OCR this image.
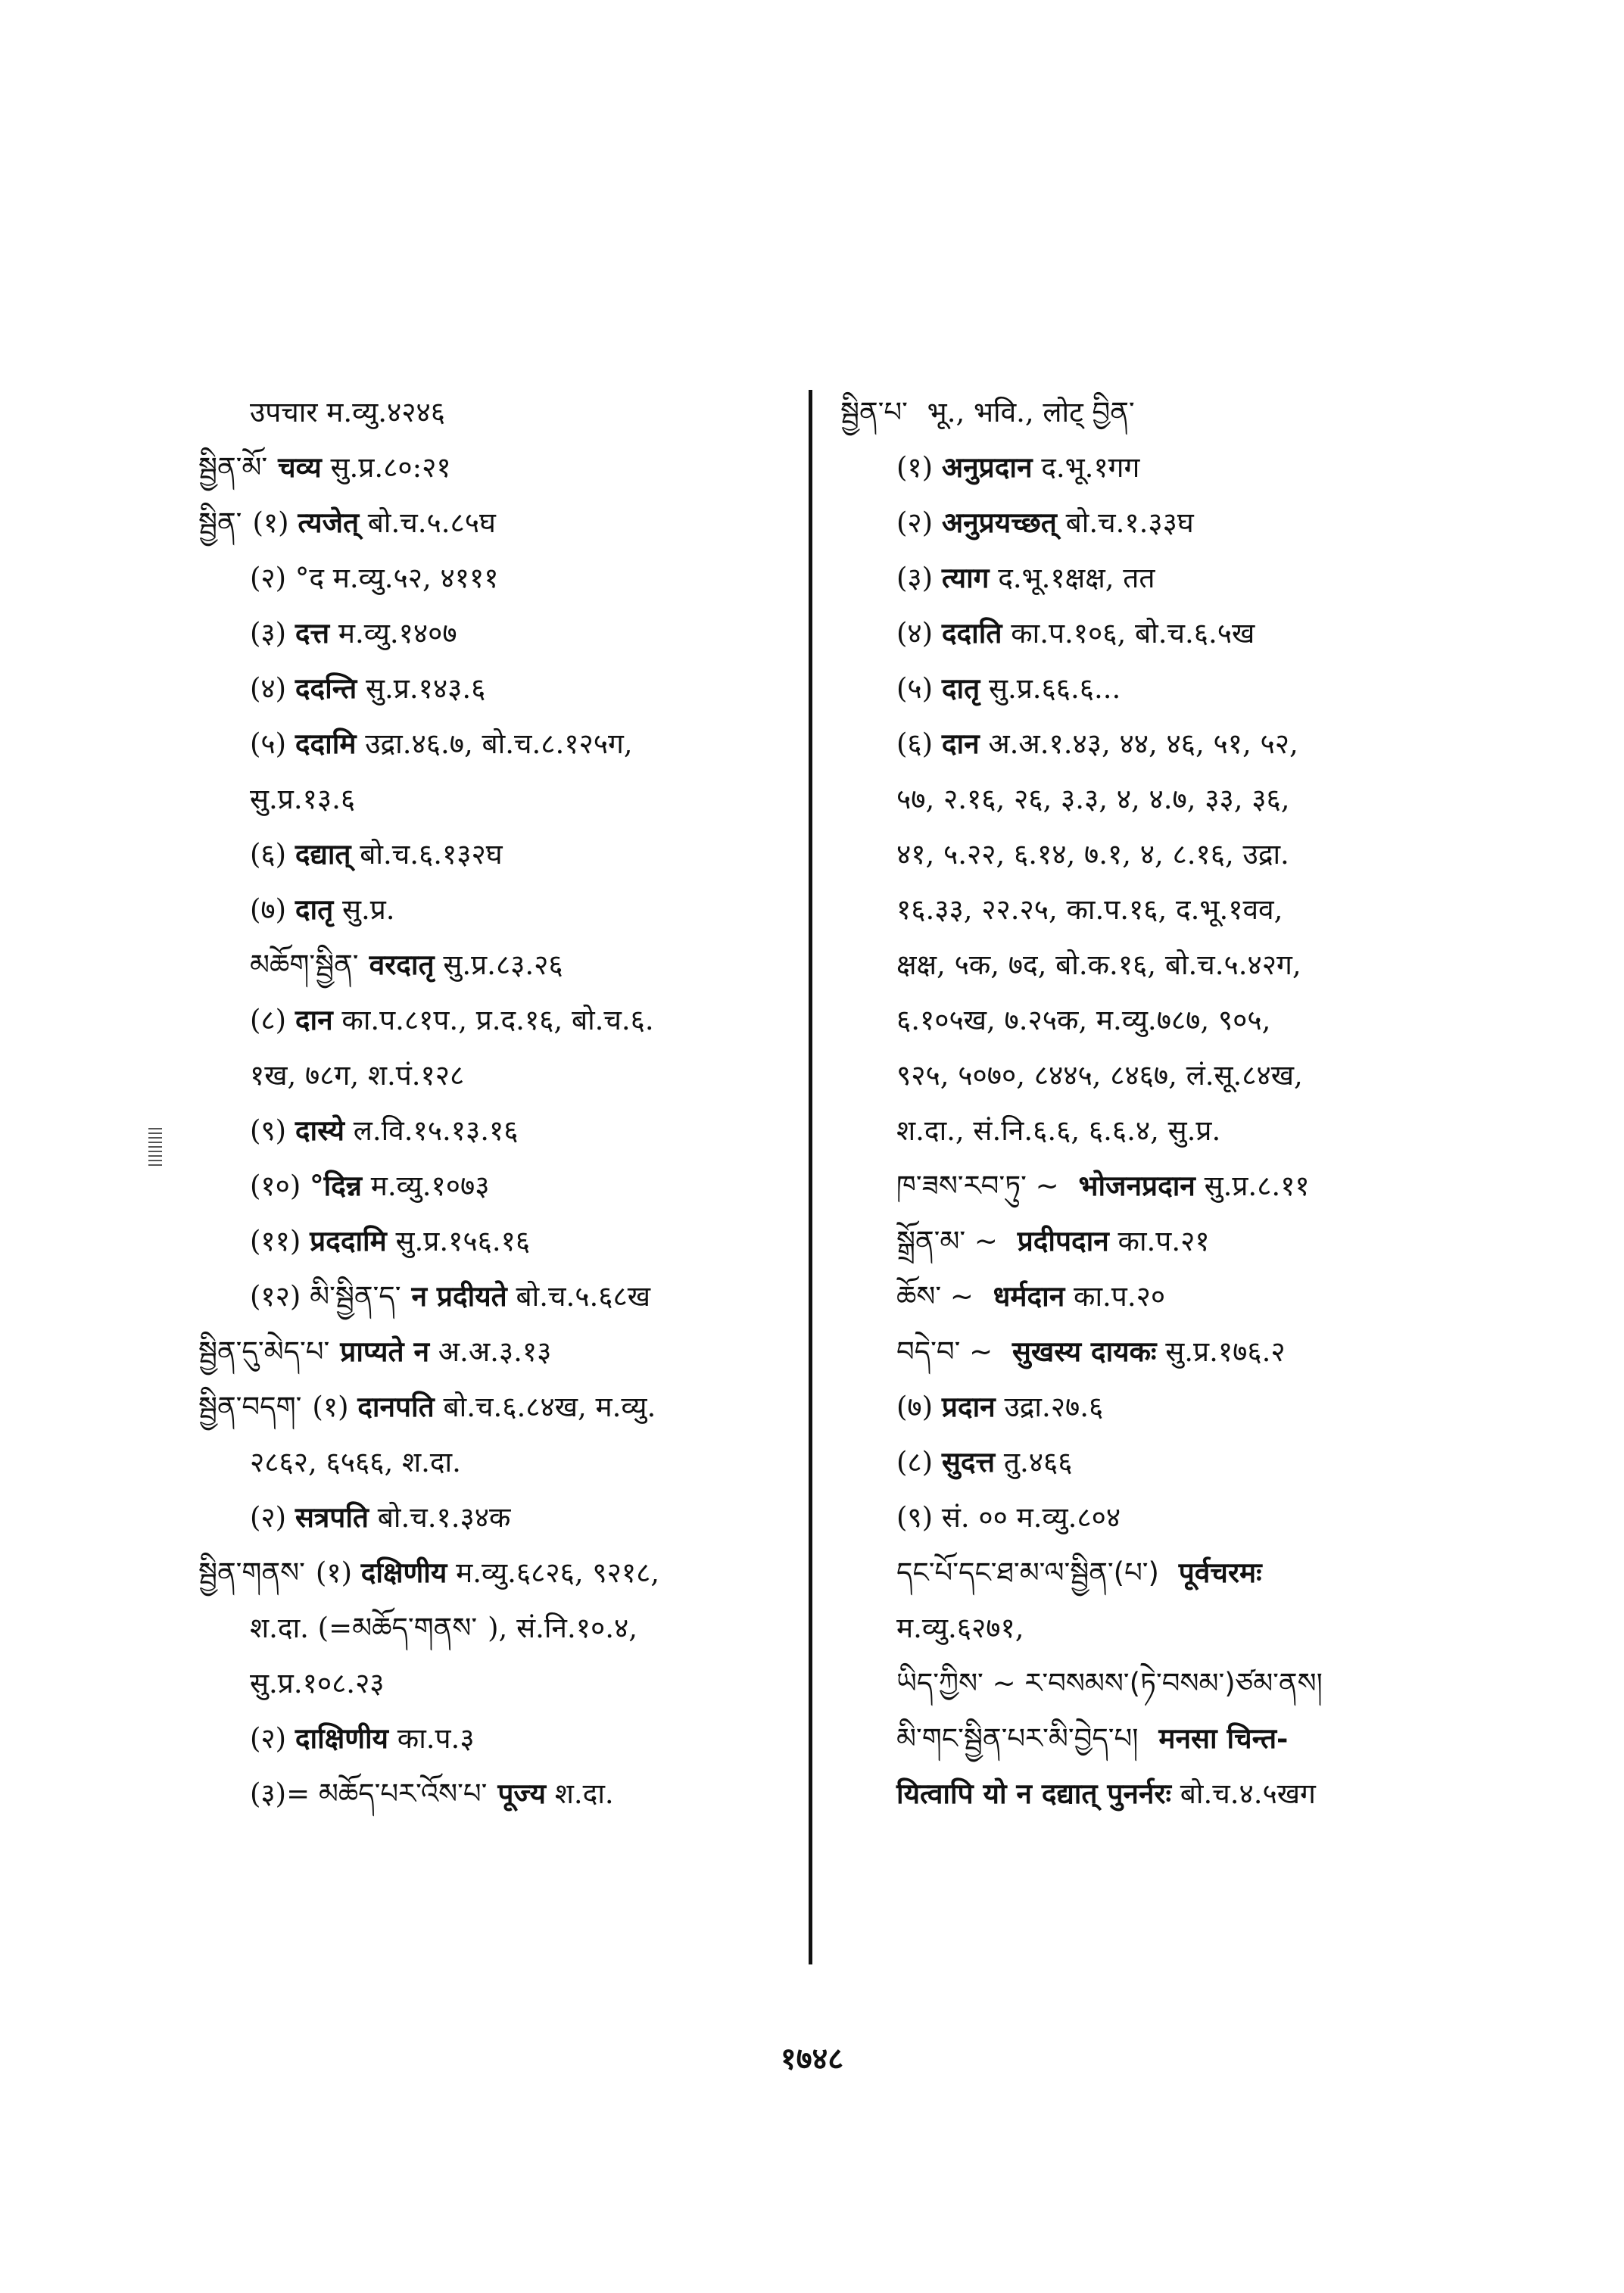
उपचार म.व्यु.४२४६
སྦྱིན་མོ་ चव्य सु.प्र.८०:२१
སྦྱིན་ (१) त्यजेत् बो.च.५.८५घ
(२) °द म.व्यु.५२, ४१११
(३) दत्त म.व्यु.१४०७
(४) ददन्ति सु.प्र.१४३.६
(५) ददामि उद्रा.४६.७, बो.च.८.१२५ग,
सु.प्र.१३.६
(६) दद्यात् बो.च.६.१३२घ
(७) दातृ सु.प्र.
མཆོག་སྦྱིན་ वरदातृ सु.प्र.८३.२६
(८) दान का.प.८१प., प्र.द.१६, बो.च.६.
१ख, ७८ग, श.पं.१२८
(९) दास्ये ल.वि.१५.१३.१६
(१०) °दिन्न म.व्यु.१०७३
(११) प्रददामि सु.प्र.१५६.१६
(१२) མི་སྦྱིན་ད་ न प्रदीयते बो.च.५.६८ख
སྦྱིན་དུ་མེད་པ་ प्राप्यते न अ.अ.३.१३
སྦྱིན་བདག་ (१) दानपति बो.च.६.८४ख, म.व्यु.
२८६२, ६५६६, श.दा.
(२) सत्रपति बो.च.१.३४क
སྦྱིན་གནས་ (१) दक्षिणीय म.व्यु.६८२६, ९२१८,
श.दा. (=མཆོད་གནས་ ), सं.नि.१०.४,
सु.प्र.१०८.२३
(२) दाक्षिणीय का.प.३
(३)= མཆོད་པར་འོས་པ་ पूज्य श.दा.
སྦྱིན་པ་ भू., भवि., लोट् བྱིན་
(१) अनुप्रदान द.भू.१गग
(२) अनुप्रयच्छत् बो.च.१.३३घ
(३) त्याग द.भू.१क्षक्ष, तत
(४) ददाति का.प.१०६, बो.च.६.५ख
(५) दातृ सु.प्र.६६.६...
(६) दान अ.अ.१.४३, ४४, ४६, ५१, ५२,
५७, २.१६, २६, ३.३, ४, ४.७, ३३, ३६,
४१, ५.२२, ६.१४, ७.१, ४, ८.१६, उद्रा.
१६.३३, २२.२५, का.प.१६, द.भू.१वव,
क्षक्ष, ५क, ७द, बो.क.१६, बो.च.५.४२ग,
६.१०५ख, ७.२५क, म.व्यु.७८७, ९०५,
९२५, ५०७०, ८४४५, ८४६७, लं.सू.८४ख,
श.दा., सं.नि.६.६, ६.६.४, सु.प्र.
ཁ་ཟས་རབ་ཏུ་ ~ भोजनप्रदान सु.प्र.८.११
སྒྲོན་མ་ ~ प्रदीपदान का.प.२१
ཆོས་ ~ धर्मदान का.प.२०
བདེ་བ་ ~ सुखस्य दायकः सु.प्र.१७६.२
(७) प्रदान उद्रा.२७.६
(८) सुदत्त तु.४६६
(९) सं. ०० म.व्यु.८०४
དང་པོ་དང་ཐ་མ་ལ་སྦྱིན་(པ་) पूर्वचरमः
म.व्यु.६२७१,
ཡིད་ཀྱིས་ ~ ར་བསམས་(ཏེ་བསམ་)ཙམ་ནས།
མི་གང་སྦྱིན་པར་མི་བྱེད་པ། मनसा चिन्त-
यित्वापि यो न दद्यात् पुनर्नरः बो.च.४.५खग
१७४८
